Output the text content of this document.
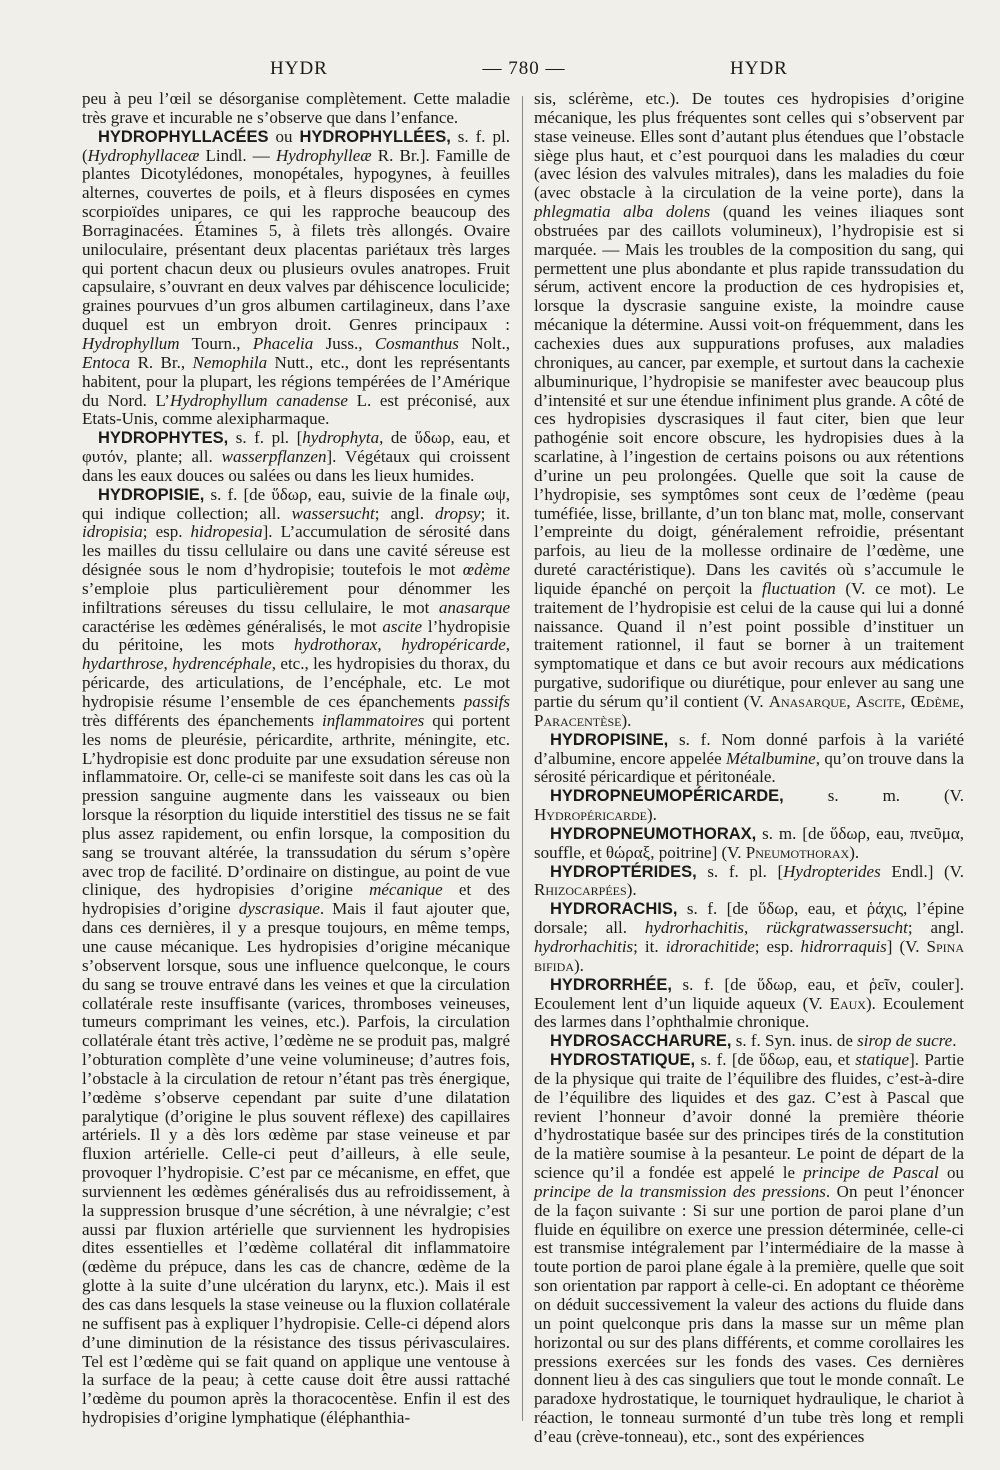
HYDR	— 780 —	HYDR

peu à peu l’œil se désorganise complètement. Cette maladie très grave et incurable ne s’observe que dans l’enfance.

HYDROPHYLLACÉES ou HYDROPHYLLÉES, s. f. pl. (Hydrophyllaceæ Lindl. — Hydrophylleæ R. Br.]. Famille de plantes Dicotylédones, monopétales, hypogynes, à feuilles alternes, couvertes de poils, et à fleurs disposées en cymes scorpioïdes unipares, ce qui les rapproche beaucoup des Borraginacées. Étamines 5, à filets très allongés. Ovaire uniloculaire, présentant deux placentas pariétaux très larges qui portent chacun deux ou plusieurs ovules anatropes. Fruit capsulaire, s’ouvrant en deux valves par déhiscence loculicide; graines pourvues d’un gros albumen cartilagineux, dans l’axe duquel est un embryon droit. Genres principaux : Hydrophyllum Tourn., Phacelia Juss., Cosmanthus Nolt., Entoca R. Br., Nemophila Nutt., etc., dont les représentants habitent, pour la plupart, les régions tempérées de l’Amérique du Nord. L’Hydrophyllum canadense L. est préconisé, aux Etats-Unis, comme alexipharmaque.

HYDROPHYTES, s. f. pl. [hydrophyta, de ὕδωρ, eau, et φυτόν, plante; all. wasserpflanzen]. Végétaux qui croissent dans les eaux douces ou salées ou dans les lieux humides.

HYDROPISIE, s. f. [de ὕδωρ, eau, suivie de la finale ωψ, qui indique collection; all. wassersucht; angl. dropsy; it. idropisia; esp. hidropesia]. L’accumulation de sérosité dans les mailles du tissu cellulaire ou dans une cavité séreuse est désignée sous le nom d’hydropisie; toutefois le mot œdème s’emploie plus particulièrement pour dénommer les infiltrations séreuses du tissu cellulaire, le mot anasarque caractérise les œdèmes généralisés, le mot ascite l’hydropisie du péritoine, les mots hydrothorax, hydropéricarde, hydarthrose, hydrencéphale, etc., les hydropisies du thorax, du péricarde, des articulations, de l’encéphale, etc. Le mot hydropisie résume l’ensemble de ces épanchements passifs très différents des épanchements inflammatoires qui portent les noms de pleurésie, péricardite, arthrite, méningite, etc. L’hydropisie est donc produite par une exsudation séreuse non inflammatoire. Or, celle-ci se manifeste soit dans les cas où la pression sanguine augmente dans les vaisseaux ou bien lorsque la résorption du liquide interstitiel des tissus ne se fait plus assez rapidement, ou enfin lorsque, la composition du sang se trouvant altérée, la transsudation du sérum s’opère avec trop de facilité. D’ordinaire on distingue, au point de vue clinique, des hydropisies d’origine mécanique et des hydropisies d’origine dyscrasique. Mais il faut ajouter que, dans ces dernières, il y a presque toujours, en même temps, une cause mécanique. Les hydropisies d’origine mécanique s’observent lorsque, sous une influence quelconque, le cours du sang se trouve entravé dans les veines et que la circulation collatérale reste insuffisante (varices, thromboses veineuses, tumeurs comprimant les veines, etc.). Parfois, la circulation collatérale étant très active, l’œdème ne se produit pas, malgré l’obturation complète d’une veine volumineuse; d’autres fois, l’obstacle à la circulation de retour n’étant pas très énergique, l’œdème s’observe cependant par suite d’une dilatation paralytique (d’origine le plus souvent réflexe) des capillaires artériels. Il y a dès lors œdème par stase veineuse et par fluxion artérielle. Celle-ci peut d’ailleurs, à elle seule, provoquer l’hydropisie. C’est par ce mécanisme, en effet, que surviennent les œdèmes généralisés dus au refroidissement, à la suppression brusque d’une sécrétion, à une névralgie; c’est aussi par fluxion artérielle que surviennent les hydropisies dites essentielles et l’œdème collatéral dit inflammatoire (œdème du prépuce, dans les cas de chancre, œdème de la glotte à la suite d’une ulcération du larynx, etc.). Mais il est des cas dans lesquels la stase veineuse ou la fluxion collatérale ne suffisent pas à expliquer l’hydropisie. Celle-ci dépend alors d’une diminution de la résistance des tissus périvasculaires. Tel est l’œdème qui se fait quand on applique une ventouse à la surface de la peau; à cette cause doit être aussi rattaché l’œdème du poumon après la thoracocentèse. Enfin il est des hydropisies d’origine lymphatique (éléphanthia-

sis, sclérème, etc.). De toutes ces hydropisies d’origine mécanique, les plus fréquentes sont celles qui s’observent par stase veineuse. Elles sont d’autant plus étendues que l’obstacle siège plus haut, et c’est pourquoi dans les maladies du cœur (avec lésion des valvules mitrales), dans les maladies du foie (avec obstacle à la circulation de la veine porte), dans la phlegmatia alba dolens (quand les veines iliaques sont obstruées par des caillots volumineux), l’hydropisie est si marquée. — Mais les troubles de la composition du sang, qui permettent une plus abondante et plus rapide transsudation du sérum, activent encore la production de ces hydropisies et, lorsque la dyscrasie sanguine existe, la moindre cause mécanique la détermine. Aussi voit-on fréquemment, dans les cachexies dues aux suppurations profuses, aux maladies chroniques, au cancer, par exemple, et surtout dans la cachexie albuminurique, l’hydropisie se manifester avec beaucoup plus d’intensité et sur une étendue infiniment plus grande. A côté de ces hydropisies dyscrasiques il faut citer, bien que leur pathogénie soit encore obscure, les hydropisies dues à la scarlatine, à l’ingestion de certains poisons ou aux rétentions d’urine un peu prolongées. Quelle que soit la cause de l’hydropisie, ses symptômes sont ceux de l’œdème (peau tuméfiée, lisse, brillante, d’un ton blanc mat, molle, conservant l’empreinte du doigt, généralement refroidie, présentant parfois, au lieu de la mollesse ordinaire de l’œdème, une dureté caractéristique). Dans les cavités où s’accumule le liquide épanché on perçoit la fluctuation (V. ce mot). Le traitement de l’hydropisie est celui de la cause qui lui a donné naissance. Quand il n’est point possible d’instituer un traitement rationnel, il faut se borner à un traitement symptomatique et dans ce but avoir recours aux médications purgative, sudorifique ou diurétique, pour enlever au sang une partie du sérum qu’il contient (V. Anasarque, Ascite, Œdème, Paracentèse).

HYDROPISINE, s. f. Nom donné parfois à la variété d’albumine, encore appelée Métalbumine, qu’on trouve dans la sérosité péricardique et péritonéale.

HYDROPNEUMOPÉRICARDE, s. m. (V. Hydropéricarde).

HYDROPNEUMOTHORAX, s. m. [de ὕδωρ, eau, πνεῦμα, souffle, et θώραξ, poitrine] (V. Pneumothorax).

HYDROPTÉRIDES, s. f. pl. [Hydropterides Endl.] (V. Rhizocarpées).

HYDRORACHIS, s. f. [de ὕδωρ, eau, et ῥάχις, l’épine dorsale; all. hydrorhachitis, rückgratwassersucht; angl. hydrorhachitis; it. idrorachitide; esp. hidrorraquis] (V. Spina bifida).

HYDRORRHÉE, s. f. [de ὕδωρ, eau, et ῥεῖν, couler]. Ecoulement lent d’un liquide aqueux (V. Eaux). Ecoulement des larmes dans l’ophthalmie chronique.

HYDROSACCHARURE, s. f. Syn. inus. de sirop de sucre.

HYDROSTATIQUE, s. f. [de ὕδωρ, eau, et statique]. Partie de la physique qui traite de l’équilibre des fluides, c’est-à-dire de l’équilibre des liquides et des gaz. C’est à Pascal que revient l’honneur d’avoir donné la première théorie d’hydrostatique basée sur des principes tirés de la constitution de la matière soumise à la pesanteur. Le point de départ de la science qu’il a fondée est appelé le principe de Pascal ou principe de la transmission des pressions. On peut l’énoncer de la façon suivante : Si sur une portion de paroi plane d’un fluide en équilibre on exerce une pression déterminée, celle-ci est transmise intégralement par l’intermédiaire de la masse à toute portion de paroi plane égale à la première, quelle que soit son orientation par rapport à celle-ci. En adoptant ce théorème on déduit successivement la valeur des actions du fluide dans un point quelconque pris dans la masse sur un même plan horizontal ou sur des plans différents, et comme corollaires les pressions exercées sur les fonds des vases. Ces dernières donnent lieu à des cas singuliers que tout le monde connaît. Le paradoxe hydrostatique, le tourniquet hydraulique, le chariot à réaction, le tonneau surmonté d’un tube très long et rempli d’eau (crève-tonneau), etc., sont des expériences
